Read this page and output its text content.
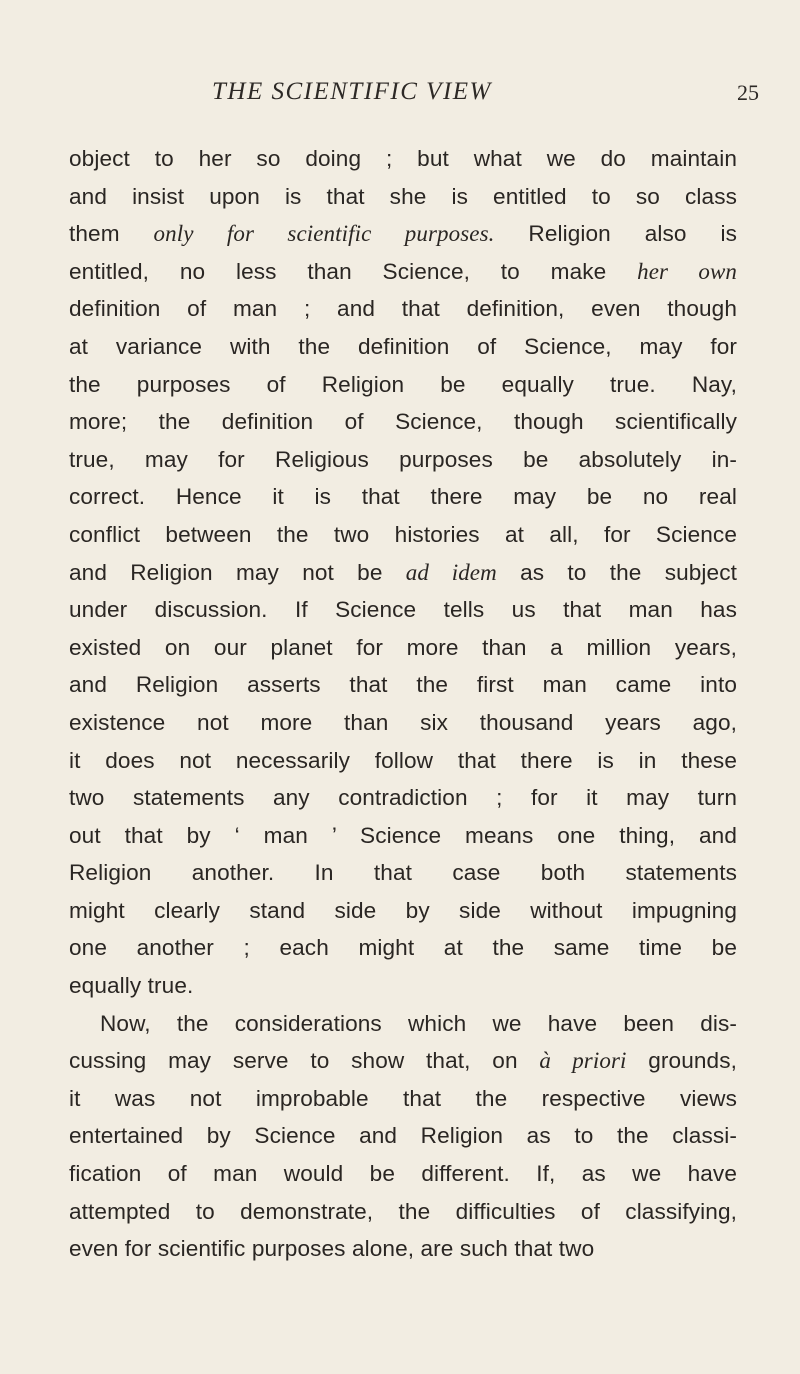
THE SCIENTIFIC VIEW	25
object to her so doing ; but what we do maintain
and insist upon is that she is entitled to so class
them only for scientific purposes. Religion also is
entitled, no less than Science, to make her own
definition of man ; and that definition, even though
at variance with the definition of Science, may for
the purposes of Religion be equally true. Nay,
more; the definition of Science, though scientifically
true, may for Religious purposes be absolutely in-
correct. Hence it is that there may be no real
conflict between the two histories at all, for Science
and Religion may not be ad idem as to the subject
under discussion. If Science tells us that man has
existed on our planet for more than a million years,
and Religion asserts that the first man came into
existence not more than six thousand years ago,
it does not necessarily follow that there is in these
two statements any contradiction ; for it may turn
out that by ‘ man ’ Science means one thing, and
Religion another. In that case both statements
might clearly stand side by side without impugning
one another ; each might at the same time be
equally true.
Now, the considerations which we have been dis-
cussing may serve to show that, on à priori grounds,
it was not improbable that the respective views
entertained by Science and Religion as to the classi-
fication of man would be different. If, as we have
attempted to demonstrate, the difficulties of classifying,
even for scientific purposes alone, are such that two
